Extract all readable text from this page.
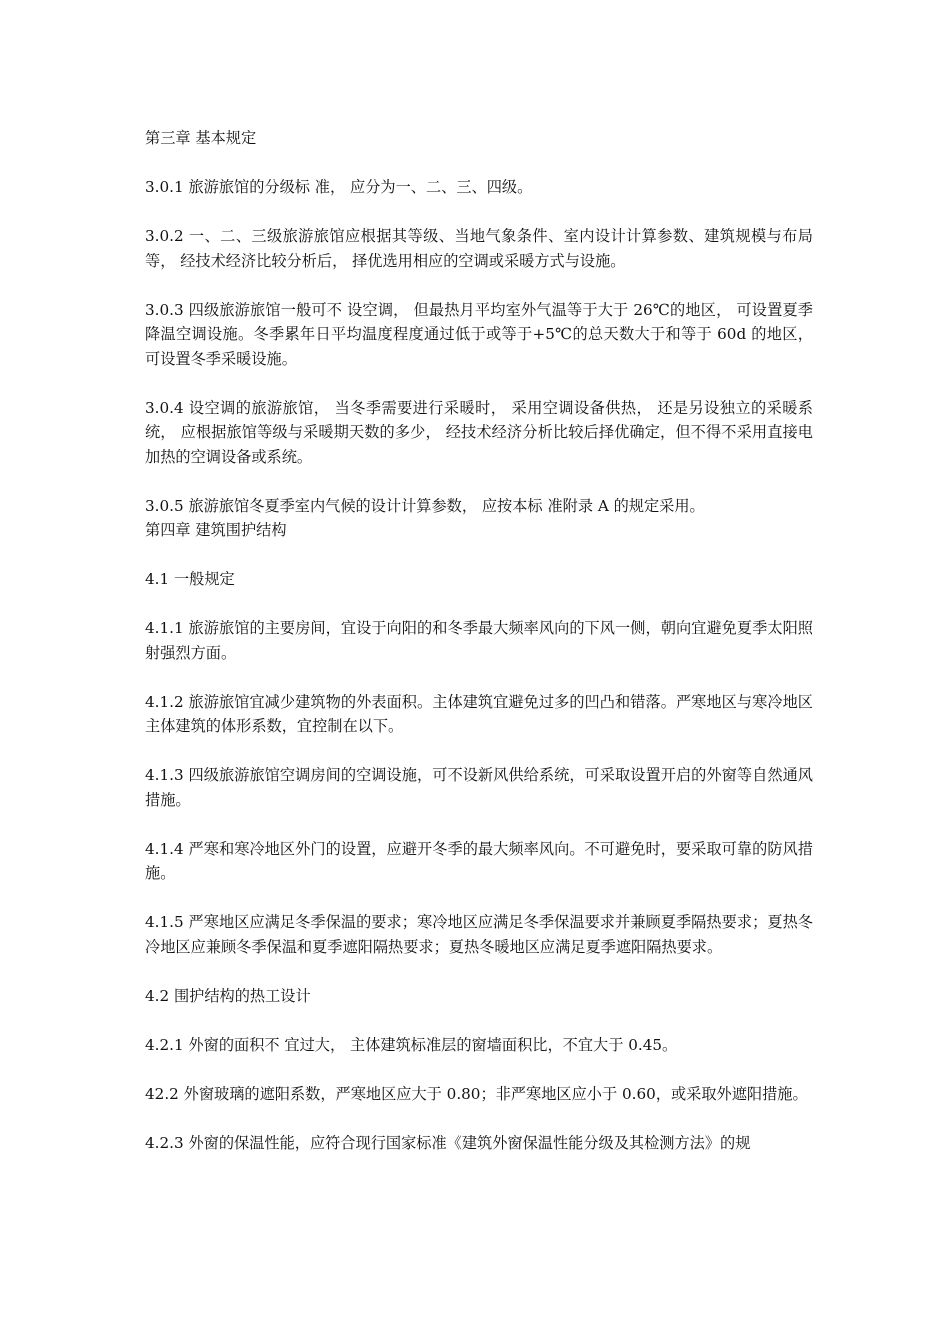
第三章 基本规定

3.0.1 旅游旅馆的分级标 准， 应分为一、二、三、四级。

3.0.2 一、二、三级旅游旅馆应根据其等级、当地气象条件、室内设计计算参数、建筑规模与布局等， 经技术经济比较分析后， 择优选用相应的空调或采暖方式与设施。

3.0.3 四级旅游旅馆一般可不 设空调， 但最热月平均室外气温等于大于 26℃的地区， 可设置夏季降温空调设施。冬季累年日平均温度程度通过低于或等于+5℃的总天数大于和等于 60d 的地区，可设置冬季采暖设施。

3.0.4 设空调的旅游旅馆， 当冬季需要进行采暖时， 采用空调设备供热， 还是另设独立的采暖系统， 应根据旅馆等级与采暖期天数的多少， 经技术经济分析比较后择优确定，但不得不采用直接电加热的空调设备或系统。

3.0.5 旅游旅馆冬夏季室内气候的设计计算参数， 应按本标 准附录 A 的规定采用。

第四章 建筑围护结构

4.1 一般规定

4.1.1 旅游旅馆的主要房间，宜设于向阳的和冬季最大频率风向的下风一侧，朝向宜避免夏季太阳照射强烈方面。

4.1.2 旅游旅馆宜减少建筑物的外表面积。主体建筑宜避免过多的凹凸和错落。严寒地区与寒冷地区主体建筑的体形系数，宜控制在以下。

4.1.3 四级旅游旅馆空调房间的空调设施，可不设新风供给系统，可采取设置开启的外窗等自然通风措施。

4.1.4 严寒和寒冷地区外门的设置，应避开冬季的最大频率风向。不可避免时，要采取可靠的防风措施。

4.1.5 严寒地区应满足冬季保温的要求；寒冷地区应满足冬季保温要求并兼顾夏季隔热要求；夏热冬冷地区应兼顾冬季保温和夏季遮阳隔热要求；夏热冬暖地区应满足夏季遮阳隔热要求。

4.2 围护结构的热工设计

4.2.1 外窗的面积不 宜过大， 主体建筑标准层的窗墙面积比，不宜大于 0.45。

42.2 外窗玻璃的遮阳系数，严寒地区应大于 0.80；非严寒地区应小于 0.60，或采取外遮阳措施。

4.2.3 外窗的保温性能，应符合现行国家标准《建筑外窗保温性能分级及其检测方法》的规
